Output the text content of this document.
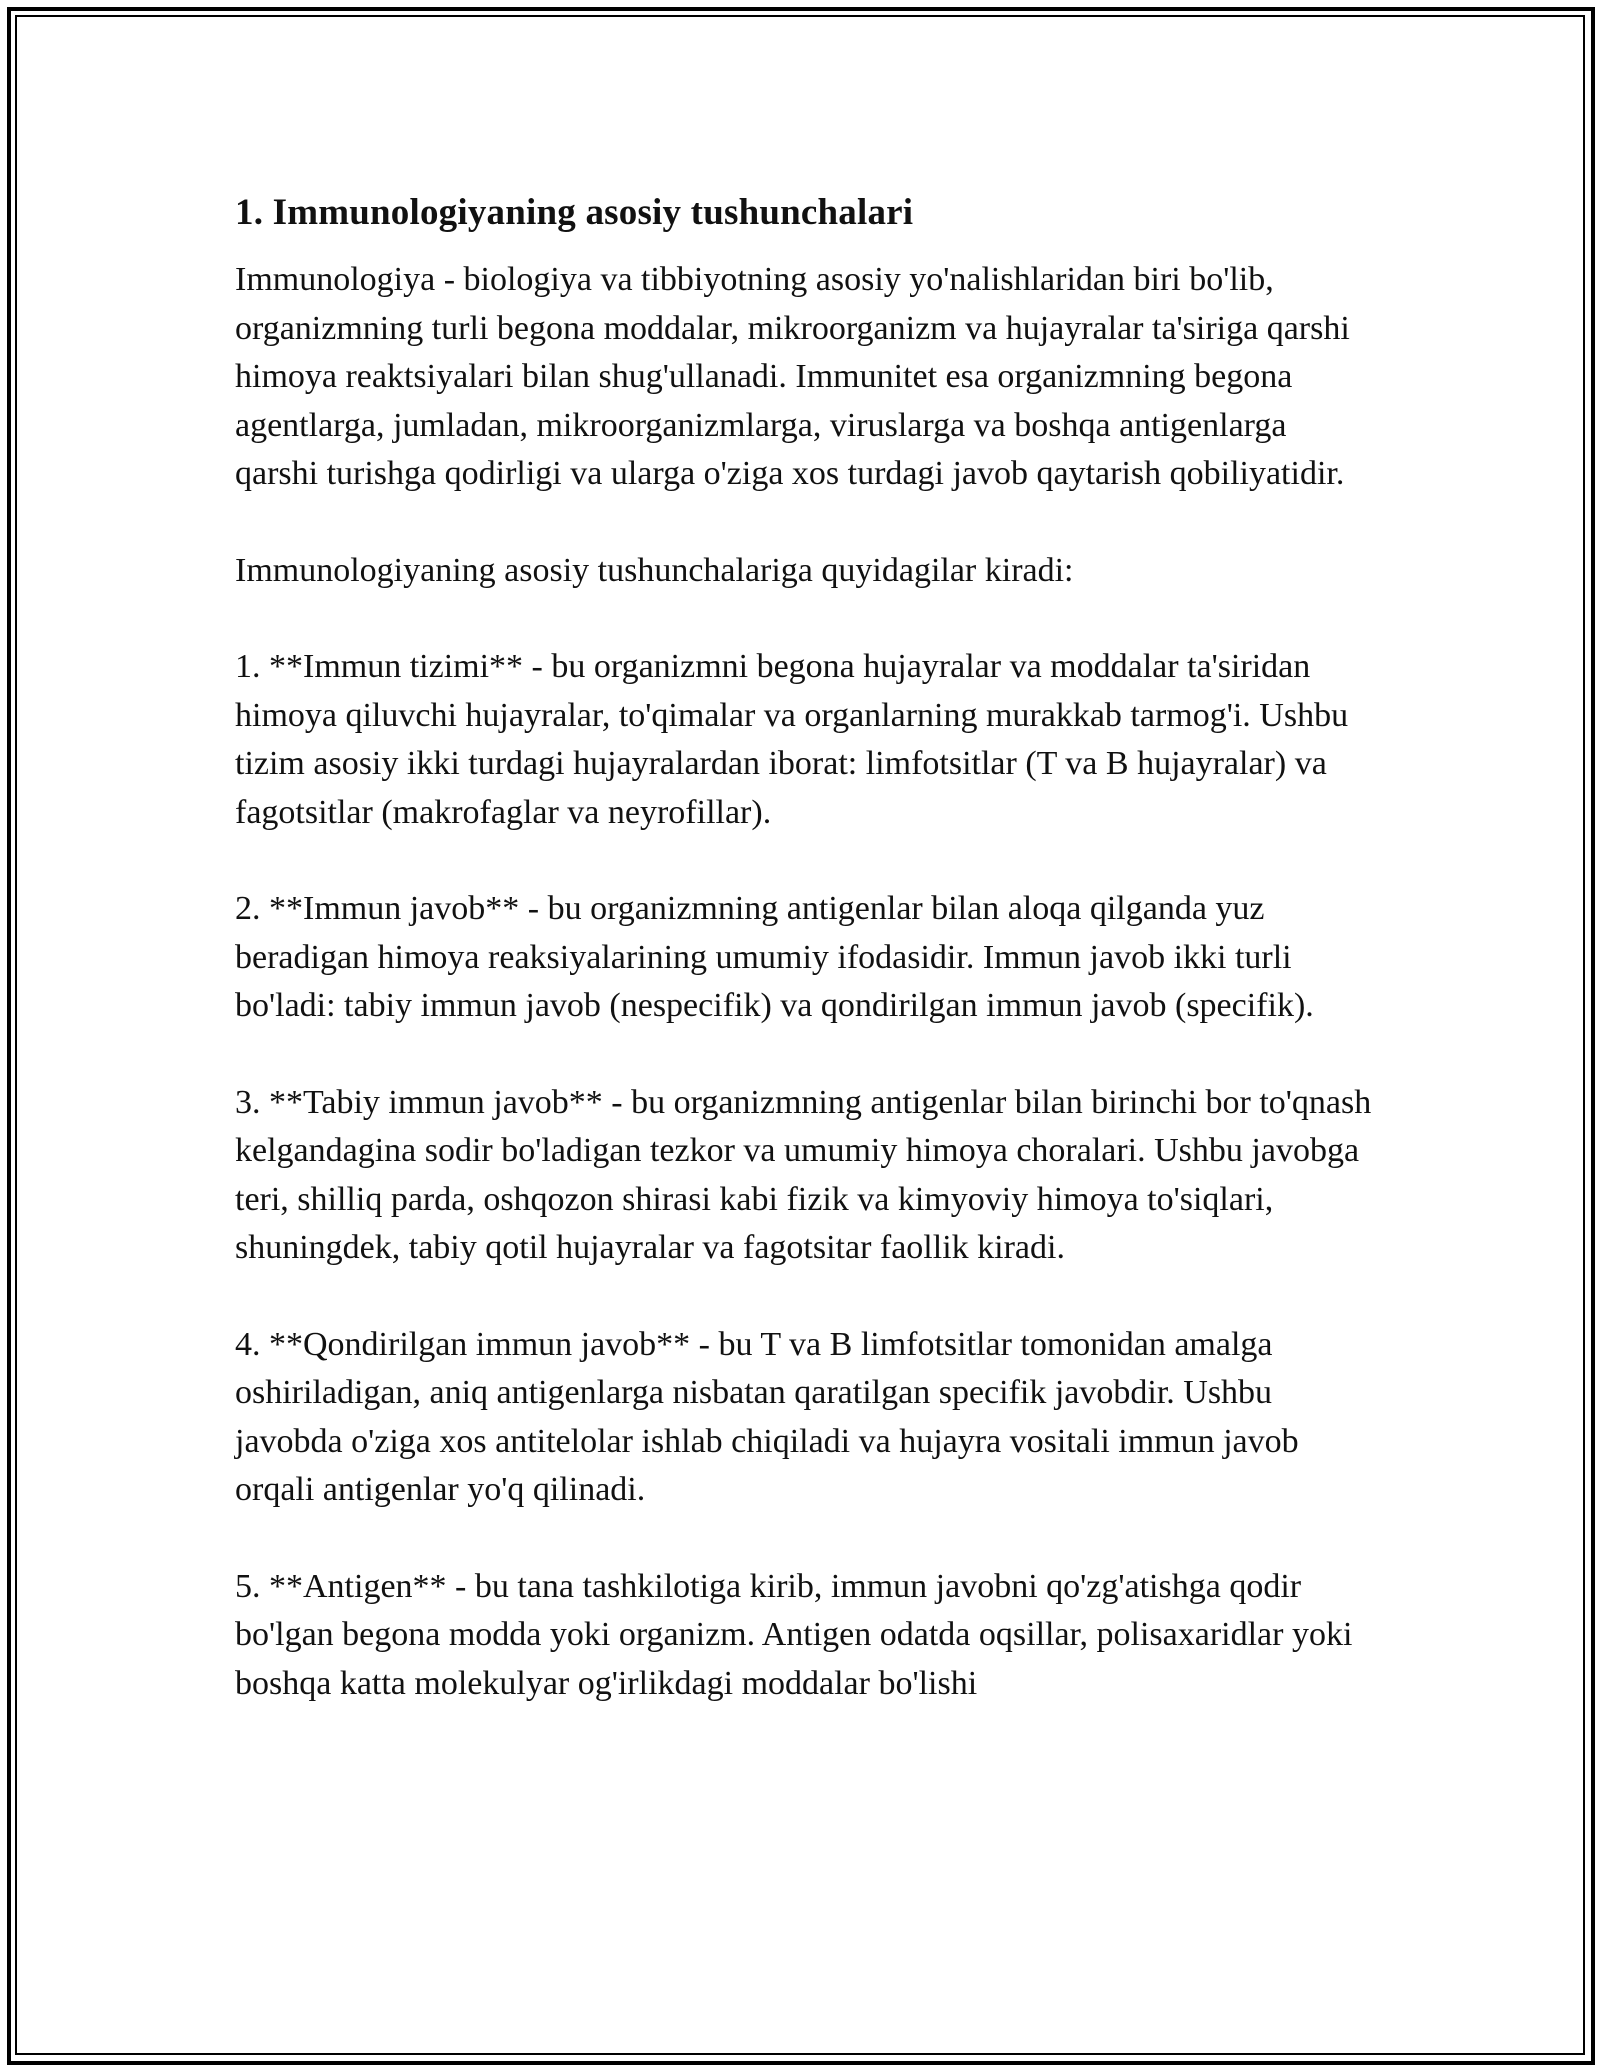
1. Immunologiyaning asosiy tushunchalari

Immunologiya - biologiya va tibbiyotning asosiy yo'nalishlaridan biri bo'lib, organizmning turli begona moddalar, mikroorganizm va hujayralar ta'siriga qarshi himoya reaktsiyalari bilan shug'ullanadi. Immunitet esa organizmning begona agentlarga, jumladan, mikroorganizmlarga, viruslarga va boshqa antigenlarga qarshi turishga qodirligi va ularga o'ziga xos turdagi javob qaytarish qobiliyatidir.

Immunologiyaning asosiy tushunchalariga quyidagilar kiradi:

1. **Immun tizimi** - bu organizmni begona hujayralar va moddalar ta'siridan himoya qiluvchi hujayralar, to'qimalar va organlarning murakkab tarmog'i. Ushbu tizim asosiy ikki turdagi hujayralardan iborat: limfotsitlar (T va B hujayralar) va fagotsitlar (makrofaglar va neyrofillar).

2. **Immun javob** - bu organizmning antigenlar bilan aloqa qilganda yuz beradigan himoya reaksiyalarining umumiy ifodasidir. Immun javob ikki turli bo'ladi: tabiy immun javob (nespecifik) va qondirilgan immun javob (specifik).

3. **Tabiy immun javob** - bu organizmning antigenlar bilan birinchi bor to'qnash kelgandagina sodir bo'ladigan tezkor va umumiy himoya choralari. Ushbu javobga teri, shilliq parda, oshqozon shirasi kabi fizik va kimyoviy himoya to'siqlari, shuningdek, tabiy qotil hujayralar va fagotsitar faollik kiradi.

4. **Qondirilgan immun javob** - bu T va B limfotsitlar tomonidan amalga oshiriladigan, aniq antigenlarga nisbatan qaratilgan specifik javobdir. Ushbu javobda o'ziga xos antitelolar ishlab chiqiladi va hujayra vositali immun javob orqali antigenlar yo'q qilinadi.

5. **Antigen** - bu tana tashkilotiga kirib, immun javobni qo'zg'atishga qodir bo'lgan begona modda yoki organizm. Antigen odatda oqsillar, polisaxaridlar yoki boshqa katta molekulyar og'irlikdagi moddalar bo'lishi
